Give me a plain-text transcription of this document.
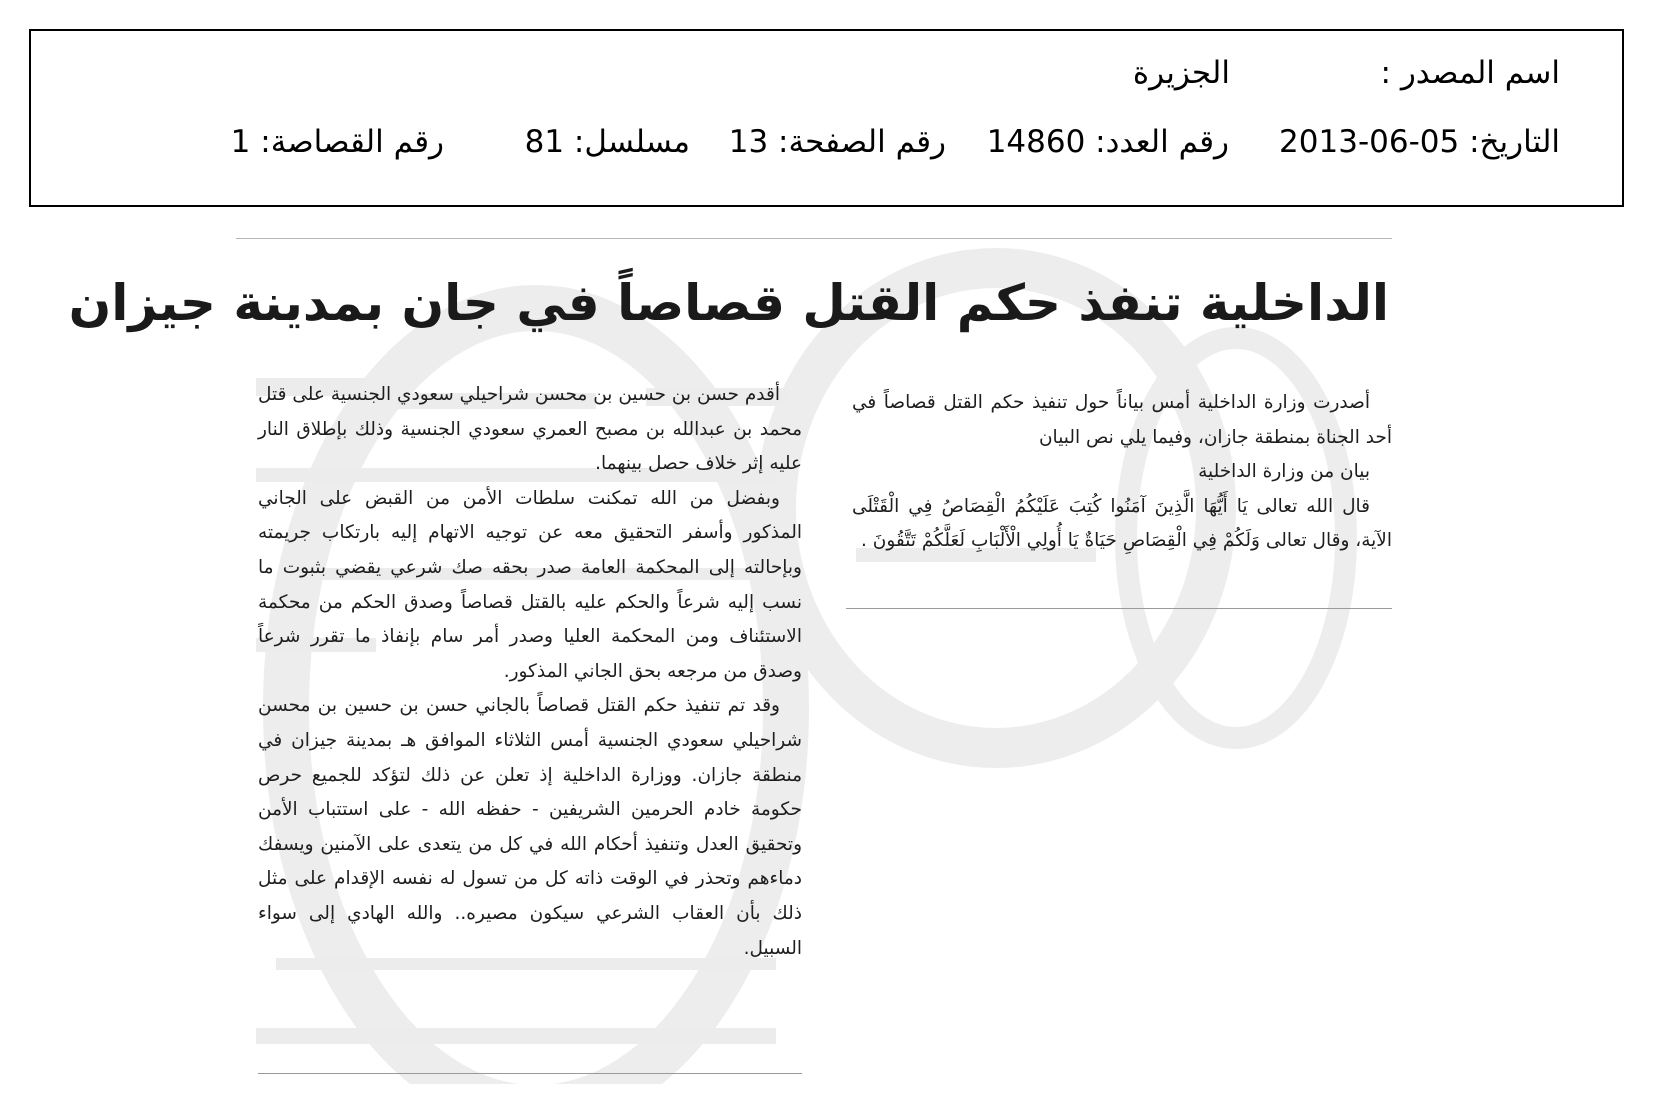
اسم المصدر :
الجزيرة
التاريخ: 05-06-2013
رقم العدد: 14860
رقم الصفحة: 13
مسلسل: 81
رقم القصاصة: 1
الداخلية تنفذ حكم القتل قصاصاً في جان بمدينة جيزان

أصدرت وزارة الداخلية أمس بياناً حول تنفيذ حكم القتل قصاصاً في أحد الجناة بمنطقة جازان، وفيما يلي نص البيان

بيان من وزارة الداخلية

قال الله تعالى يَا أَيُّهَا الَّذِينَ آمَنُوا كُتِبَ عَلَيْكُمُ الْقِصَاصُ فِي الْقَتْلَى الآية، وقال تعالى وَلَكُمْ فِي الْقِصَاصِ حَيَاةٌ يَا أُولِي الْأَلْبَابِ لَعَلَّكُمْ تَتَّقُونَ .

أقدم حسن بن حسين بن محسن شراحيلي سعودي الجنسية على قتل محمد بن عبدالله بن مصبح العمري سعودي الجنسية وذلك بإطلاق النار عليه إثر خلاف حصل بينهما.

وبفضل من الله تمكنت سلطات الأمن من القبض على الجاني المذكور وأسفر التحقيق معه عن توجيه الاتهام إليه بارتكاب جريمته وبإحالته إلى المحكمة العامة صدر بحقه صك شرعي يقضي بثبوت ما نسب إليه شرعاً والحكم عليه بالقتل قصاصاً وصدق الحكم من محكمة الاستئناف ومن المحكمة العليا وصدر أمر سام بإنفاذ ما تقرر شرعاً وصدق من مرجعه بحق الجاني المذكور.

وقد تم تنفيذ حكم القتل قصاصاً بالجاني حسن بن حسين بن محسن شراحيلي سعودي الجنسية أمس الثلاثاء الموافق هـ بمدينة جيزان في منطقة جازان. ووزارة الداخلية إذ تعلن عن ذلك لتؤكد للجميع حرص حكومة خادم الحرمين الشريفين - حفظه الله - على استتباب الأمن وتحقيق العدل وتنفيذ أحكام الله في كل من يتعدى على الآمنين ويسفك دماءهم وتحذر في الوقت ذاته كل من تسول له نفسه الإقدام على مثل ذلك بأن العقاب الشرعي سيكون مصيره.. والله الهادي إلى سواء السبيل.
